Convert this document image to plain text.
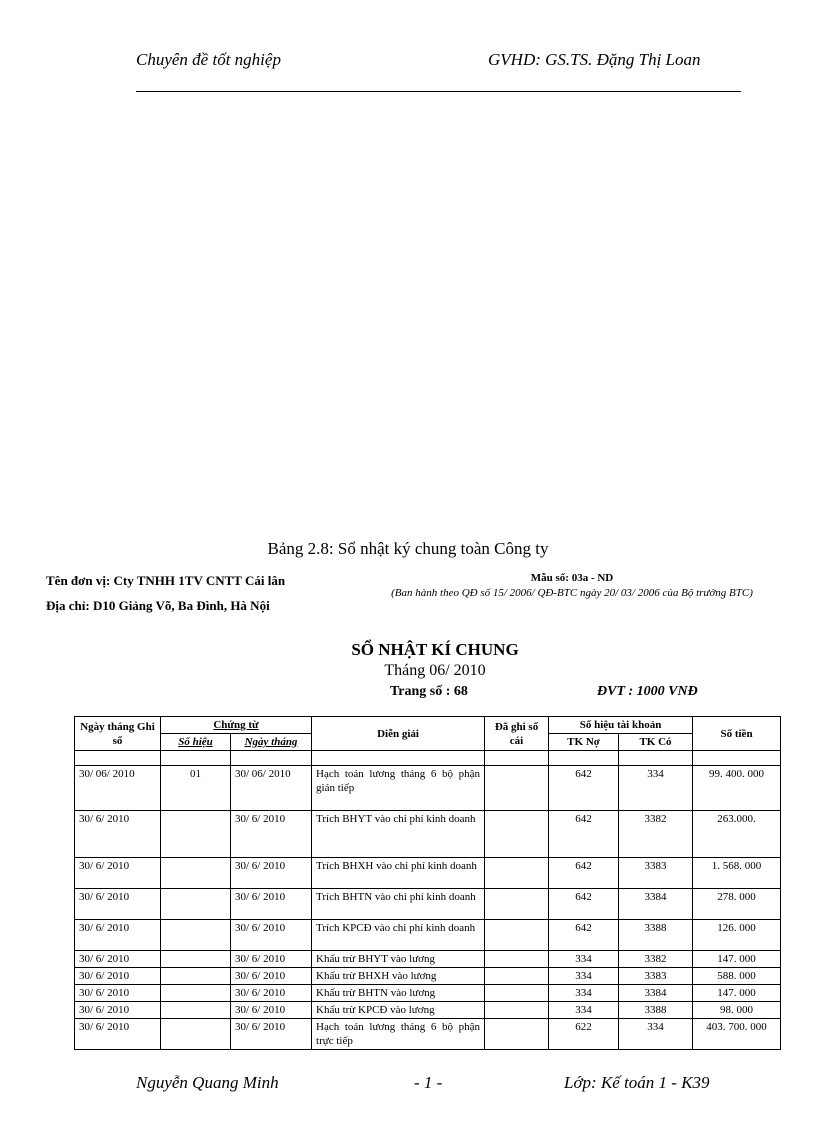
Chuyên đề tốt nghiệp	GVHD: GS.TS. Đặng Thị Loan
Bảng 2.8: Sổ nhật ký chung toàn Công ty
Tên đơn vị: Cty TNHH 1TV CNTT Cái lân
Địa chỉ: D10 Giảng Võ, Ba Đình, Hà Nội
Mẫu số: 03a - ND
(Ban hành theo QĐ số 15/ 2006/ QĐ-BTC ngày 20/ 03/ 2006 của Bộ trưởng BTC)
SỔ NHẬT KÍ CHUNG
Tháng 06/ 2010
Trang số : 68	ĐVT : 1000 VNĐ
Ngày tháng Ghi sổ	Chứng từ		Diễn giải	Đã ghi sổ cái	Số hiệu tài khoản		Số tiền
	Số hiệu	Ngày tháng			TK Nợ	TK Có	

30/ 06/ 2010	01	30/ 06/ 2010	Hạch toán lương tháng 6 bộ phận gián tiếp		642	334	99. 400. 000
30/ 6/ 2010		30/ 6/ 2010	Trích BHYT vào chi phí kinh doanh		642	3382	263.000.
30/ 6/ 2010		30/ 6/ 2010	Trích BHXH vào chi phí kinh doanh		642	3383	1. 568. 000
30/ 6/ 2010		30/ 6/ 2010	Trích BHTN vào chi phí kinh doanh		642	3384	278. 000
30/ 6/ 2010		30/ 6/ 2010	Trích KPCĐ vào chi phí kinh doanh		642	3388	126. 000
30/ 6/ 2010		30/ 6/ 2010	Khấu trừ BHYT vào lương		334	3382	147. 000
30/ 6/ 2010		30/ 6/ 2010	Khấu trừ BHXH vào lương		334	3383	588. 000
30/ 6/ 2010		30/ 6/ 2010	Khấu trừ BHTN vào lương		334	3384	147. 000
30/ 6/ 2010		30/ 6/ 2010	Khấu trừ KPCĐ vào lương		334	3388	98. 000
30/ 6/ 2010		30/ 6/ 2010	Hạch toán lương tháng 6 bộ phận trực tiếp		622	334	403. 700. 000
Nguyễn Quang Minh	- 1 -	Lớp: Kế toán 1 - K39
